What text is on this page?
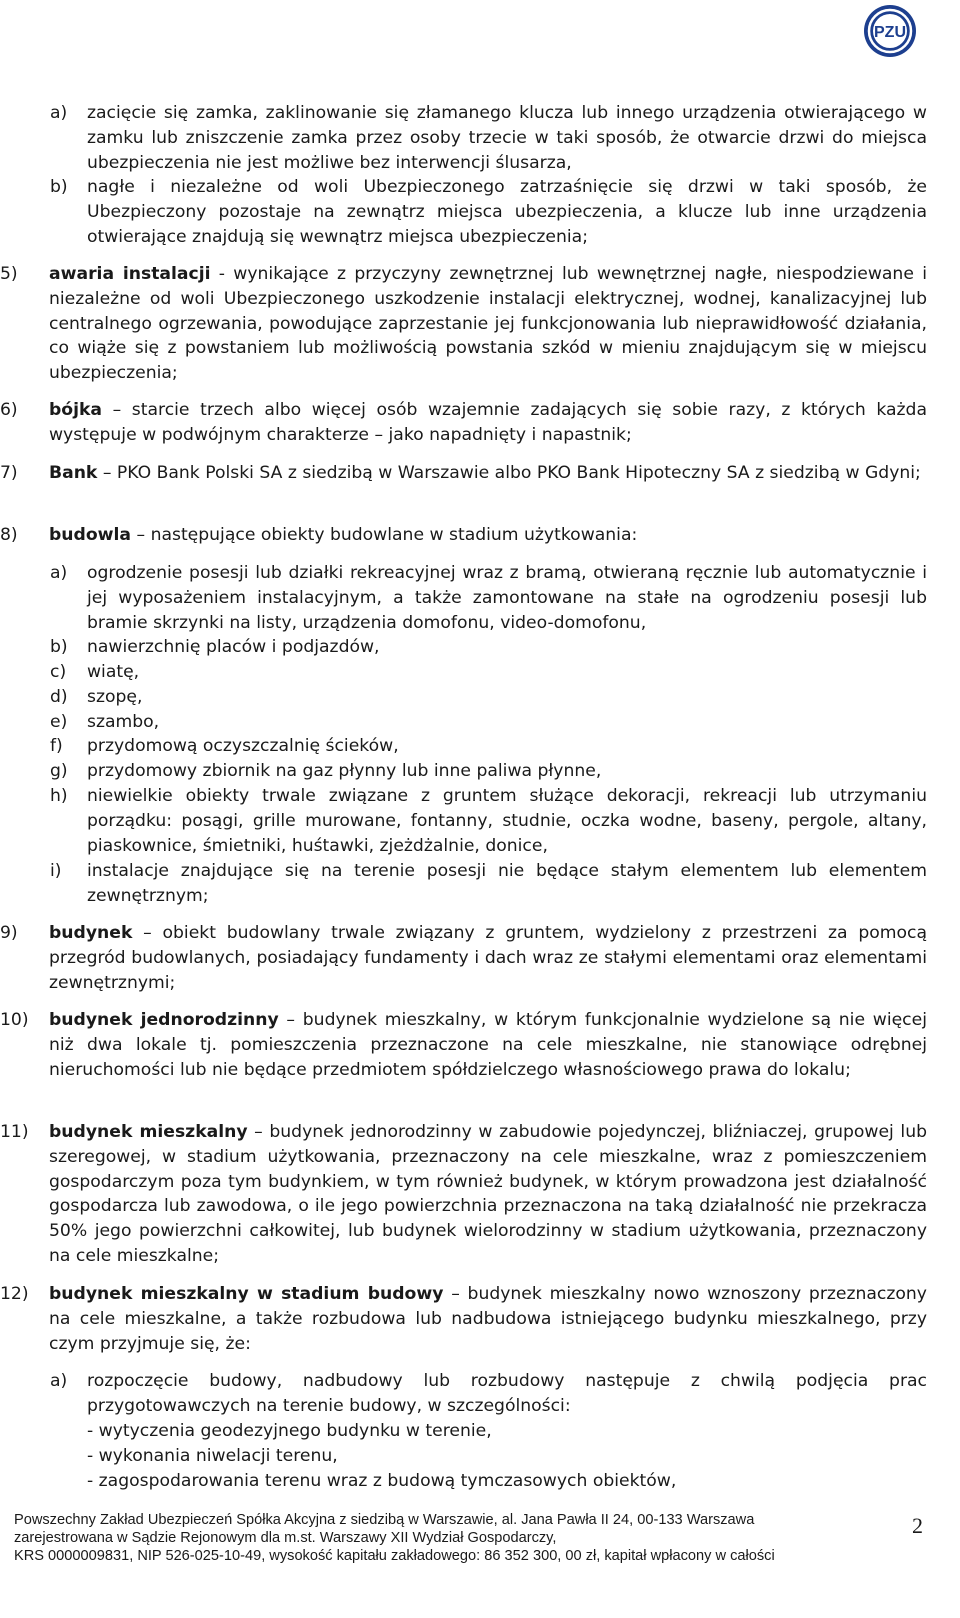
PZU
a)	zacięcie się zamka, zaklinowanie się złamanego klucza lub innego urządzenia otwierającego w zamku lub zniszczenie zamka przez osoby trzecie w taki sposób, że otwarcie drzwi do miejsca ubezpieczenia nie jest możliwe bez interwencji ślusarza,
b)	nagłe i niezależne od woli Ubezpieczonego zatrzaśnięcie się drzwi w taki sposób, że Ubezpieczony pozostaje na zewnątrz miejsca ubezpieczenia, a klucze lub inne urządzenia otwierające znajdują się wewnątrz miejsca ubezpieczenia;
5)	awaria instalacji - wynikające z przyczyny zewnętrznej lub wewnętrznej nagłe, niespodziewane i niezależne od woli Ubezpieczonego uszkodzenie instalacji elektrycznej, wodnej, kanalizacyjnej lub centralnego ogrzewania, powodujące zaprzestanie jej funkcjonowania lub nieprawidłowość działania, co wiąże się z powstaniem lub możliwością powstania szkód w mieniu znajdującym się w miejscu ubezpieczenia;
6)	bójka – starcie trzech albo więcej osób wzajemnie zadających się sobie razy, z których każda występuje w podwójnym charakterze – jako napadnięty i napastnik;
7)	Bank – PKO Bank Polski SA z siedzibą w Warszawie albo PKO Bank Hipoteczny SA z siedzibą w Gdyni;
8)	budowla – następujące obiekty budowlane w stadium użytkowania:
a)	ogrodzenie posesji lub działki rekreacyjnej wraz z bramą, otwieraną ręcznie lub automatycznie i jej wyposażeniem instalacyjnym, a także zamontowane na stałe na ogrodzeniu posesji lub bramie skrzynki na listy, urządzenia domofonu, video-domofonu,
b)	nawierzchnię placów i podjazdów,
c)	wiatę,
d)	szopę,
e)	szambo,
f)	przydomową oczyszczalnię ścieków,
g)	przydomowy zbiornik na gaz płynny lub inne paliwa płynne,
h)	niewielkie obiekty trwale związane z gruntem służące dekoracji, rekreacji lub utrzymaniu porządku: posągi, grille murowane, fontanny, studnie, oczka wodne, baseny, pergole, altany, piaskownice, śmietniki, huśtawki, zjeżdżalnie, donice,
i)	instalacje znajdujące się na terenie posesji nie będące stałym elementem lub elementem zewnętrznym;
9)	budynek – obiekt budowlany trwale związany z gruntem, wydzielony z przestrzeni za pomocą przegród budowlanych, posiadający fundamenty i dach wraz ze stałymi elementami oraz elementami zewnętrznymi;
10)	budynek jednorodzinny – budynek mieszkalny, w którym funkcjonalnie wydzielone są nie więcej niż dwa lokale tj. pomieszczenia przeznaczone na cele mieszkalne, nie stanowiące odrębnej nieruchomości lub nie będące przedmiotem spółdzielczego własnościowego prawa do lokalu;
11)	budynek mieszkalny – budynek jednorodzinny w zabudowie pojedynczej, bliźniaczej, grupowej lub szeregowej, w stadium użytkowania, przeznaczony na cele mieszkalne, wraz z pomieszczeniem gospodarczym poza tym budynkiem, w tym również budynek, w którym prowadzona jest działalność gospodarcza lub zawodowa, o ile jego powierzchnia przeznaczona na taką działalność nie przekracza 50% jego powierzchni całkowitej, lub budynek wielorodzinny w stadium użytkowania, przeznaczony na cele mieszkalne;
12)	budynek mieszkalny w stadium budowy – budynek mieszkalny nowo wznoszony przeznaczony na cele mieszkalne, a także rozbudowa lub nadbudowa istniejącego budynku mieszkalnego, przy czym przyjmuje się, że:
a)	rozpoczęcie budowy, nadbudowy lub rozbudowy następuje z chwilą podjęcia prac przygotowawczych na terenie budowy, w szczególności:
- wytyczenia geodezyjnego budynku w terenie,
- wykonania niwelacji terenu,
- zagospodarowania terenu wraz z budową tymczasowych obiektów,
Powszechny Zakład Ubezpieczeń Spółka Akcyjna z siedzibą w Warszawie, al. Jana Pawła II 24, 00-133 Warszawa
zarejestrowana w Sądzie Rejonowym dla m.st. Warszawy XII Wydział Gospodarczy,
KRS 0000009831, NIP 526-025-10-49, wysokość kapitału zakładowego: 86 352 300, 00 zł, kapitał wpłacony w całości
2
